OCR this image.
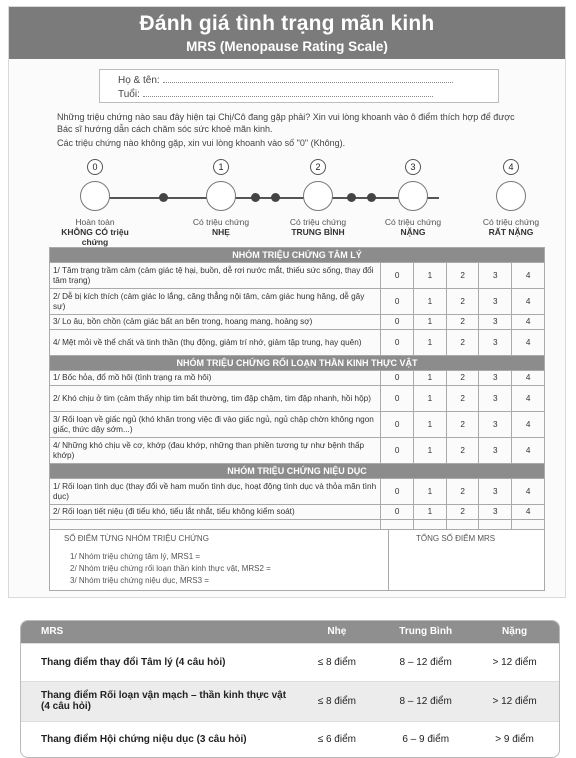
Đánh giá tình trạng mãn kinh
MRS (Menopause Rating Scale)
Họ & tên:
Tuổi:

Những triệu chứng nào sau đây hiện tại Chị/Cô đang gặp phải? Xin vui lòng khoanh vào ô điểm thích hợp để được Bác sĩ hướng dẫn cách chăm sóc sức khoẻ mãn kinh.

Các triệu chứng nào không gặp, xin vui lòng khoanh vào số "0" (Không).

0
Hoàn toàn
KHÔNG CÓ triệu chứng
1
Có triệu chứng
NHẸ
2
Có triệu chứng
TRUNG BÌNH
3
Có triệu chứng
NẶNG
4
Có triệu chứng
RẤT NẶNG
NHÓM TRIỆU CHỨNG TÂM LÝ					
1/ Tâm trạng trầm cảm (cảm giác tệ hại, buồn, dễ rơi nước mắt, thiếu sức sống, thay đổi tâm trạng)	0	1	2	3	4
2/ Dễ bị kích thích (cảm giác lo lắng, căng thẳng nội tâm, cảm giác hung hăng, dễ gây sự)	0	1	2	3	4
3/ Lo âu, bồn chồn (cảm giác bất an bên trong, hoang mang, hoảng sợ)	0	1	2	3	4
4/ Mệt mỏi về thể chất và tinh thần (thụ động, giảm trí nhớ, giảm tập trung, hay quên)	0	1	2	3	4
NHÓM TRIỆU CHỨNG RỐI LOẠN THẦN KINH THỰC VẬT					
1/ Bốc hỏa, đổ mồ hôi (tình trạng ra mồ hôi)	0	1	2	3	4
2/ Khó chịu ở tim (cảm thấy nhịp tim bất thường, tim đập chậm, tim đập nhanh, hồi hộp)	0	1	2	3	4
3/ Rối loạn về giấc ngủ (khó khăn trong việc đi vào giấc ngủ, ngủ chập chờn không ngon giấc, thức dậy sớm...)	0	1	2	3	4
4/ Những khó chịu về cơ, khớp (đau khớp, những than phiền tương tự như bệnh thấp khớp)	0	1	2	3	4
NHÓM TRIỆU CHỨNG NIỆU DỤC					
1/ Rối loạn tình dục (thay đổi về ham muốn tình dục, hoạt động tình dục và thỏa mãn tình dục)	0	1	2	3	4
2/ Rối loạn tiết niệu (đi tiểu khó, tiểu lắt nhắt, tiểu không kiểm soát)	0	1	2	3	4

SỐ ĐIỂM TỪNG NHÓM TRIỆU CHỨNG	TỔNG SỐ ĐIỂM MRS
1/ Nhóm triệu chứng tâm lý, MRS1 =
2/ Nhóm triệu chứng rối loạn thần kinh thực vật, MRS2 =
3/ Nhóm triệu chứng niệu dục, MRS3 =
MRS	Nhẹ	Trung Bình	Nặng
Thang điểm thay đổi Tâm lý (4 câu hỏi)	≤ 8 điểm	8 – 12 điểm	> 12 điểm
Thang điểm Rối loạn vận mạch – thần kinh thực vật (4 câu hỏi)	≤ 8 điểm	8 – 12 điểm	> 12 điểm
Thang điểm Hội chứng niệu dục (3 câu hỏi)	≤ 6 điểm	6 – 9 điểm	> 9 điểm
